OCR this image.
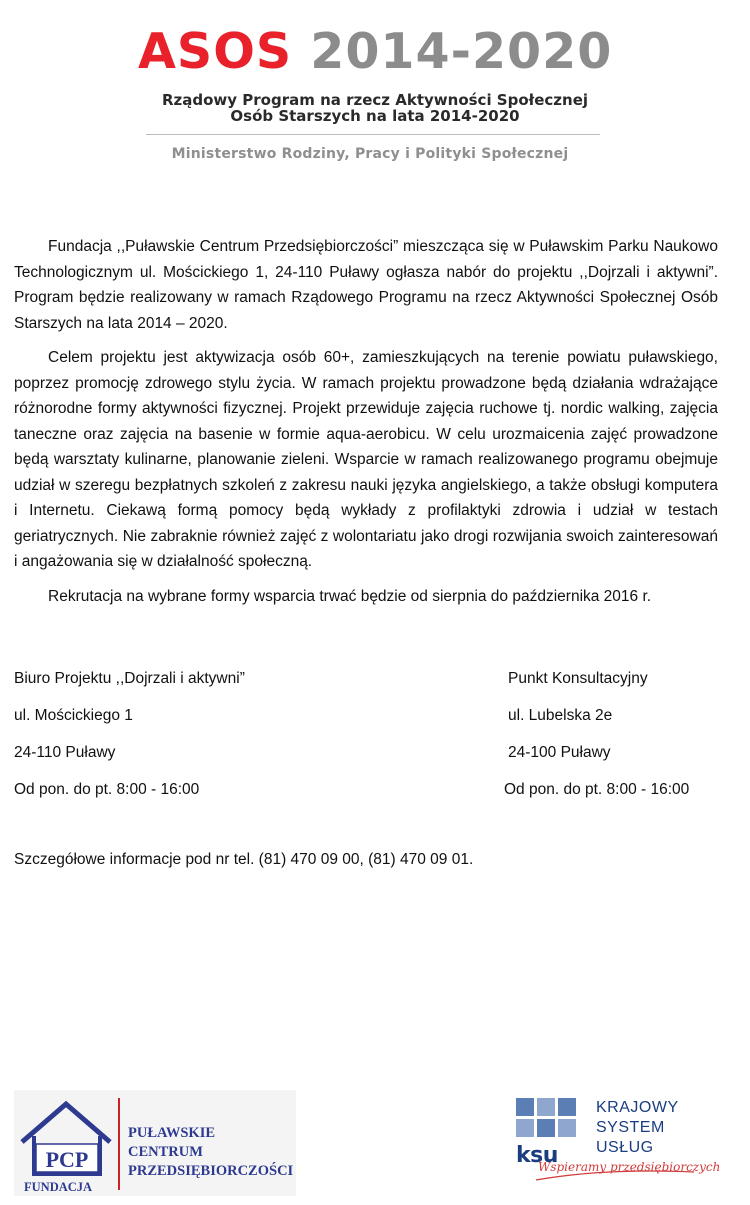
ASOS 2014-2020
Rządowy Program na rzecz Aktywności Społecznej
Osób Starszych na lata 2014-2020
Ministerstwo Rodziny, Pracy i Polityki Społecznej

Fundacja ,,Puławskie Centrum Przedsiębiorczości” mieszcząca się w Puławskim Parku Naukowo Technologicznym ul. Mościckiego 1, 24-110 Puławy ogłasza nabór do projektu ,,Dojrzali i aktywni”. Program będzie realizowany w ramach Rządowego Programu na rzecz Aktywności Społecznej Osób Starszych na lata 2014 – 2020.

Celem projektu jest aktywizacja osób 60+, zamieszkujących na terenie powiatu puławskiego, poprzez promocję zdrowego stylu życia. W ramach projektu prowadzone będą działania wdrażające różnorodne formy aktywności fizycznej. Projekt przewiduje zajęcia ruchowe tj. nordic walking, zajęcia taneczne oraz zajęcia na basenie w formie aqua-aerobicu. W celu urozmaicenia zajęć prowadzone będą warsztaty kulinarne, planowanie zieleni. Wsparcie w ramach realizowanego programu obejmuje udział w szeregu bezpłatnych szkoleń z zakresu nauki języka angielskiego, a także obsługi komputera i Internetu. Ciekawą formą pomocy będą wykłady z profilaktyki zdrowia i udział w testach geriatrycznych. Nie zabraknie również zajęć z wolontariatu jako drogi rozwijania swoich zainteresowań i angażowania się w działalność społeczną.

Rekrutacja na wybrane formy wsparcia trwać będzie od sierpnia do października 2016 r.

Biuro Projektu ,,Dojrzali i aktywni”
ul. Mościckiego 1
24-110 Puławy
Od pon. do pt. 8:00 - 16:00
Punkt Konsultacyjny
ul. Lubelska 2e
24-100 Puławy
Od pon. do pt. 8:00 - 16:00
Szczegółowe informacje pod nr tel. (81) 470 09 00, (81) 470 09 01.
PCP
PUŁAWSKIE
CENTRUM
PRZEDSIĘBIORCZOŚCI
FUNDACJA
ksu
KRAJOWY
SYSTEM
USŁUG
Wspieramy przedsiębiorczych
